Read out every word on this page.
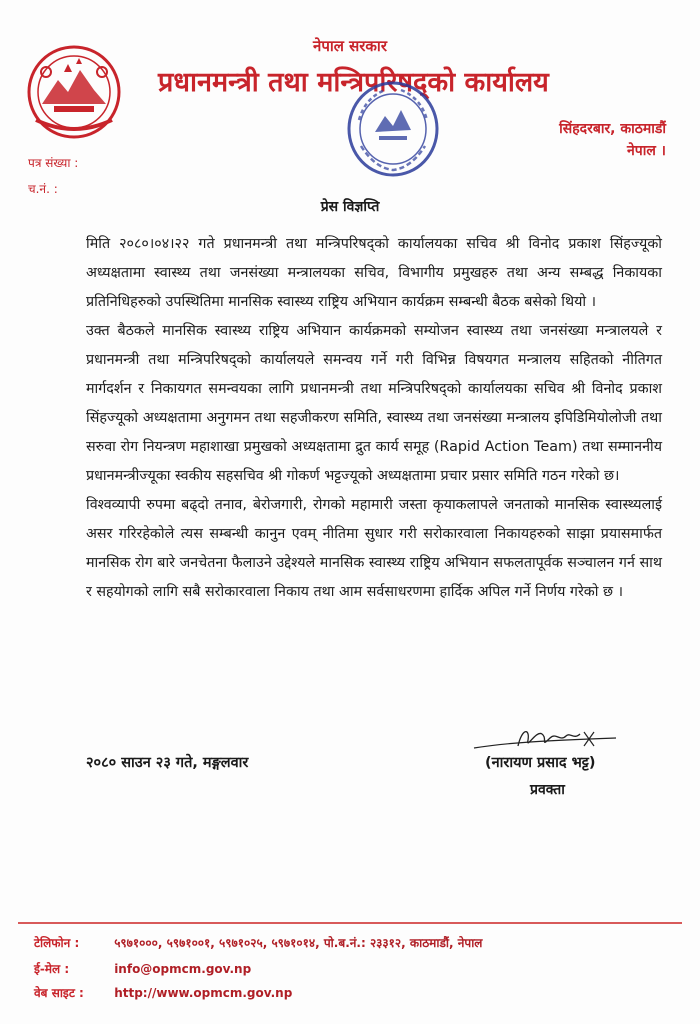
नेपाल सरकार
प्रधानमन्त्री तथा मन्त्रिपरिषद्को कार्यालय
सिंहदरबार, काठमाडौं
नेपाल ।
पत्र संख्या :
च.नं. :
प्रेस विज्ञप्ति

मिति २०८०।०४।२२ गते प्रधानमन्त्री तथा मन्त्रिपरिषद्को कार्यालयका सचिव श्री विनोद प्रकाश सिंहज्यूको अध्यक्षतामा स्वास्थ्य तथा जनसंख्या मन्त्रालयका सचिव, विभागीय प्रमुखहरु तथा अन्य सम्बद्ध निकायका प्रतिनिधिहरुको उपस्थितिमा मानसिक स्वास्थ्य राष्ट्रिय अभियान कार्यक्रम सम्बन्धी बैठक बसेको थियो ।

उक्त बैठकले मानसिक स्वास्थ्य राष्ट्रिय अभियान कार्यक्रमको सम्योजन स्वास्थ्य तथा जनसंख्या मन्त्रालयले र प्रधानमन्त्री तथा मन्त्रिपरिषद्को कार्यालयले समन्वय गर्ने गरी विभिन्न विषयगत मन्त्रालय सहितको नीतिगत मार्गदर्शन र निकायगत समन्वयका लागि प्रधानमन्त्री तथा मन्त्रिपरिषद्को कार्यालयका सचिव श्री विनोद प्रकाश सिंहज्यूको अध्यक्षतामा अनुगमन तथा सहजीकरण समिति, स्वास्थ्य तथा जनसंख्या मन्त्रालय इपिडिमियोलोजी तथा सरुवा रोग नियन्त्रण महाशाखा प्रमुखको अध्यक्षतामा द्रुत कार्य समूह (Rapid Action Team) तथा सम्माननीय प्रधानमन्त्रीज्यूका स्वकीय सहसचिव श्री गोकर्ण भट्टज्यूको अध्यक्षतामा प्रचार प्रसार समिति गठन गरेको छ।

विश्वव्यापी रुपमा बढ्दो तनाव, बेरोजगारी, रोगको महामारी जस्ता कृयाकलापले जनताको मानसिक स्वास्थ्यलाई असर गरिरहेकोले त्यस सम्बन्धी कानुन एवम् नीतिमा सुधार गरी सरोकारवाला निकायहरुको साझा प्रयासमार्फत मानसिक रोग बारे जनचेतना फैलाउने उद्देश्यले मानसिक स्वास्थ्य राष्ट्रिय अभियान सफलतापूर्वक सञ्चालन गर्न साथ र सहयोगको लागि सबै सरोकारवाला निकाय तथा आम सर्वसाधरणमा हार्दिक अपिल गर्ने निर्णय गरेको छ ।

२०८० साउन २३ गते, मङ्गलवार	(नारायण प्रसाद भट्ट)
प्रवक्ता
टेलिफोन :	५९७१०००, ५९७१००१, ५९७१०२५, ५९७१०१४, पो.ब.नं.: २३३१२, काठमाडौं, नेपाल
ई-मेल :	info@opmcm.gov.np
वेब साइट :	http://www.opmcm.gov.np
